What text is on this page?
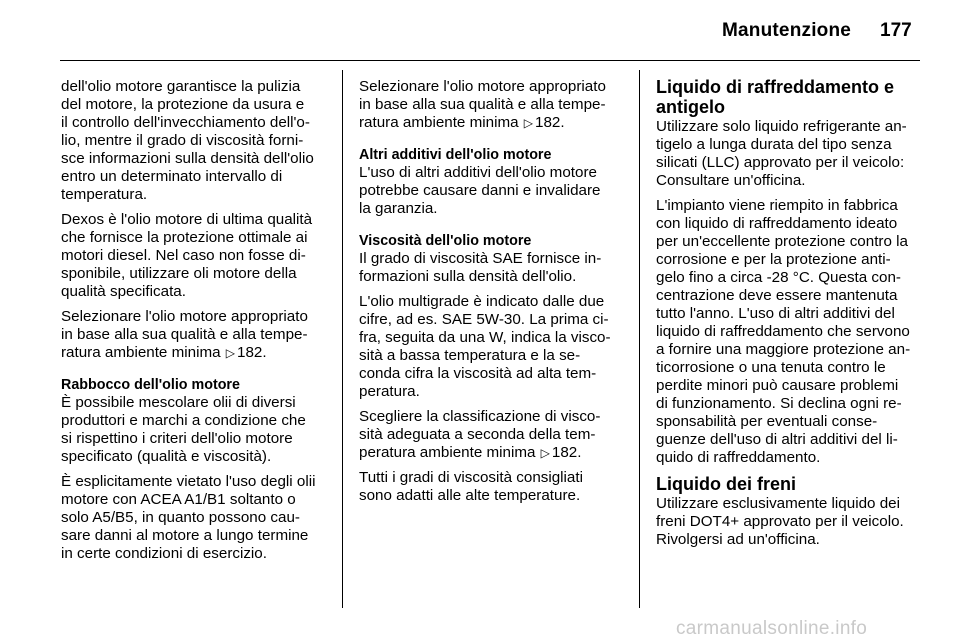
Manutenzione 177
dell'olio motore garantisce la pulizia
del motore, la protezione da usura e
il controllo dell'invecchiamento dell'o-
lio, mentre il grado di viscosità forni-
sce informazioni sulla densità dell'olio
entro un determinato intervallo di
temperatura.
Dexos è l'olio motore di ultima qualità
che fornisce la protezione ottimale ai
motori diesel. Nel caso non fosse di-
sponibile, utilizzare oli motore della
qualità specificata.
Selezionare l'olio motore appropriato
in base alla sua qualità e alla tempe-
ratura ambiente minima ▷ 182.
Rabbocco dell'olio motore
È possibile mescolare olii di diversi
produttori e marchi a condizione che
si rispettino i criteri dell'olio motore
specificato (qualità e viscosità).
È esplicitamente vietato l'uso degli olii
motore con ACEA A1/B1 soltanto o
solo A5/B5, in quanto possono cau-
sare danni al motore a lungo termine
in certe condizioni di esercizio.
Selezionare l'olio motore appropriato
in base alla sua qualità e alla tempe-
ratura ambiente minima ▷ 182.
Altri additivi dell'olio motore
L'uso di altri additivi dell'olio motore
potrebbe causare danni e invalidare
la garanzia.
Viscosità dell'olio motore
Il grado di viscosità SAE fornisce in-
formazioni sulla densità dell'olio.
L'olio multigrade è indicato dalle due
cifre, ad es. SAE 5W-30. La prima ci-
fra, seguita da una W, indica la visco-
sità a bassa temperatura e la se-
conda cifra la viscosità ad alta tem-
peratura.
Scegliere la classificazione di visco-
sità adeguata a seconda della tem-
peratura ambiente minima ▷ 182.
Tutti i gradi di viscosità consigliati
sono adatti alle alte temperature.
Liquido di raffreddamento e
antigelo
Utilizzare solo liquido refrigerante an-
tigelo a lunga durata del tipo senza
silicati (LLC) approvato per il veicolo:
Consultare un'officina.
L'impianto viene riempito in fabbrica
con liquido di raffreddamento ideato
per un'eccellente protezione contro la
corrosione e per la protezione anti-
gelo fino a circa -28 °C. Questa con-
centrazione deve essere mantenuta
tutto l'anno. L'uso di altri additivi del
liquido di raffreddamento che servono
a fornire una maggiore protezione an-
ticorrosione o una tenuta contro le
perdite minori può causare problemi
di funzionamento. Si declina ogni re-
sponsabilità per eventuali conse-
guenze dell'uso di altri additivi del li-
quido di raffreddamento.
Liquido dei freni
Utilizzare esclusivamente liquido dei
freni DOT4+ approvato per il veicolo.
Rivolgersi ad un'officina.
carmanualsonline.info
